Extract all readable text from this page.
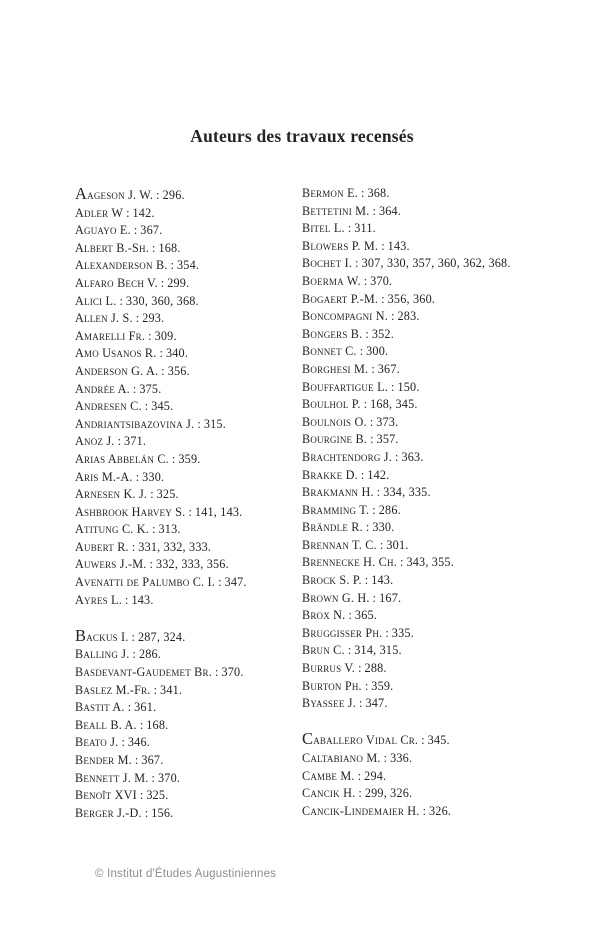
Auteurs des travaux recensés
Aageson J. W. : 296.
Adler W : 142.
Aguayo E. : 367.
Albert B.-Sh. : 168.
Alexanderson B. : 354.
Alfaro Bech V. : 299.
Alici L. : 330, 360, 368.
Allen J. S. : 293.
Amarelli Fr. : 309.
Amo Usanos R. : 340.
Anderson G. A. : 356.
Andrée A. : 375.
Andresen C. : 345.
Andriantsibazovina J. : 315.
Anoz J. : 371.
Arias Abbelán C. : 359.
Aris M.-A. : 330.
Arnesen K. J. : 325.
Ashbrook Harvey S. : 141, 143.
Atitung C. K. : 313.
Aubert R. : 331, 332, 333.
Auwers J.-M. : 332, 333, 356.
Avenatti de Palumbo C. I. : 347.
Ayres L. : 143.
Backus I. : 287, 324.
Balling J. : 286.
Basdevant-Gaudemet Br. : 370.
Baslez M.-Fr. : 341.
Bastit A. : 361.
Beall B. A. : 168.
Beato J. : 346.
Bender M. : 367.
Bennett J. M. : 370.
Benoît XVI : 325.
Berger J.-D. : 156.
Bermon E. : 368.
Bettetini M. : 364.
Bitel L. : 311.
Blowers P. M. : 143.
Bochet I. : 307, 330, 357, 360, 362, 368.
Boerma W. : 370.
Bogaert P.-M. : 356, 360.
Boncompagni N. : 283.
Bongers B. : 352.
Bonnet C. : 300.
Borghesi M. : 367.
Bouffartigue L. : 150.
Boulhol P. : 168, 345.
Boulnois O. : 373.
Bourgine B. : 357.
Brachtendorg J. : 363.
Brakke D. : 142.
Brakmann H. : 334, 335.
Bramming T. : 286.
Brändle R. : 330.
Brennan T. C. : 301.
Brennecke H. Ch. : 343, 355.
Brock S. P. : 143.
Brown G. H. : 167.
Brox N. : 365.
Bruggisser Ph. : 335.
Brun C. : 314, 315.
Burrus V. : 288.
Burton Ph. : 359.
Byassee J. : 347.
Caballero Vidal Cr. : 345.
Caltabiano M. : 336.
Cambe M. : 294.
Cancik H. : 299, 326.
Cancik-Lindemaier H. : 326.
© Institut d'Études Augustiniennes
